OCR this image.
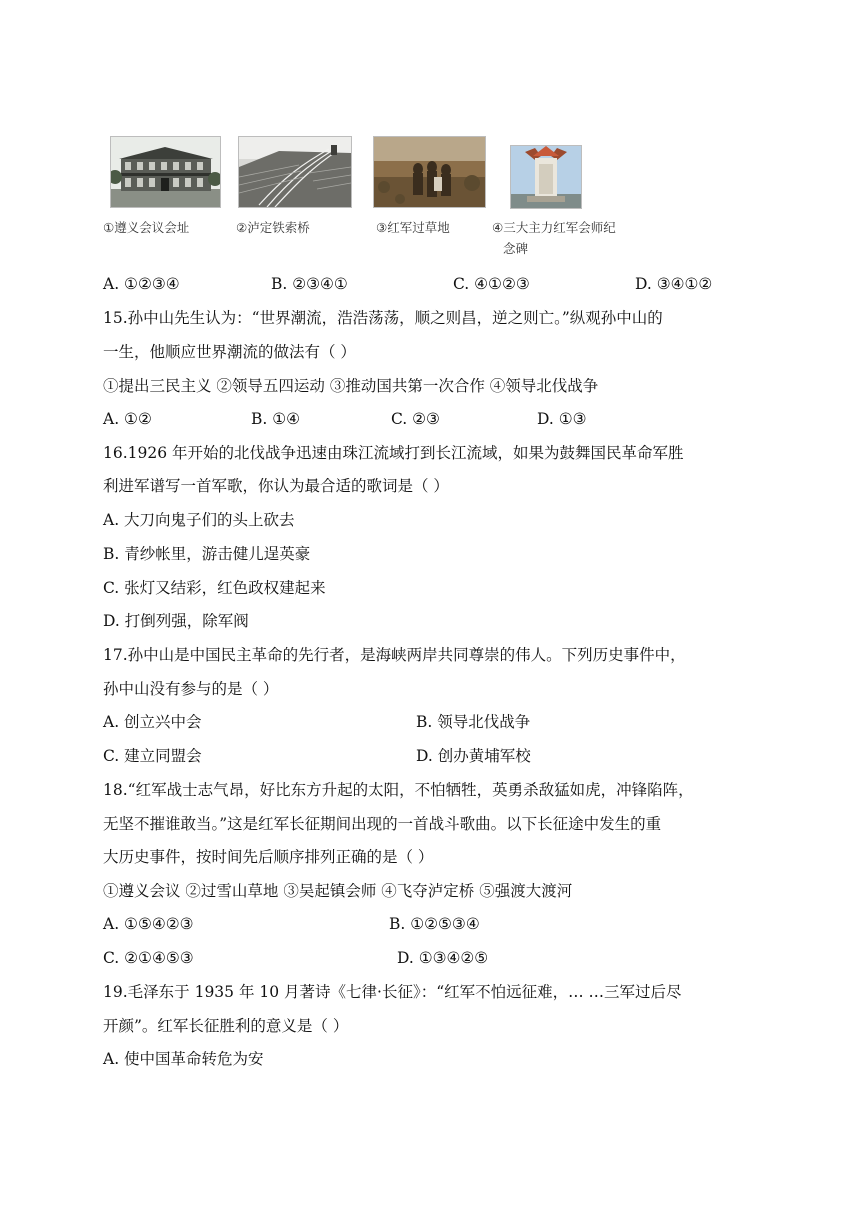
①遵义会议会址	②泸定铁索桥	③红军过草地	④三大主力红军会师纪
念碑
A. ①②③④	B. ②③④①	C. ④①②③	D. ③④①②
15.孙中山先生认为：“世界潮流，浩浩荡荡，顺之则昌，逆之则亡。”纵观孙中山的
一生，他顺应世界潮流的做法有（ ）
①提出三民主义 ②领导五四运动 ③推动国共第一次合作 ④领导北伐战争
A. ①②	B. ①④	C. ②③	D. ①③
16.1926 年开始的北伐战争迅速由珠江流域打到长江流域，如果为鼓舞国民革命军胜
利进军谱写一首军歌，你认为最合适的歌词是（ ）
A. 大刀向鬼子们的头上砍去
B. 青纱帐里，游击健儿逞英豪
C. 张灯又结彩，红色政权建起来
D. 打倒列强，除军阀
17.孙中山是中国民主革命的先行者，是海峡两岸共同尊崇的伟人。下列历史事件中，
孙中山没有参与的是（ ）
A. 创立兴中会	B. 领导北伐战争
C. 建立同盟会	D. 创办黄埔军校
18.“红军战士志气昂，好比东方升起的太阳，不怕牺牲，英勇杀敌猛如虎，冲锋陷阵，
无坚不摧谁敢当。”这是红军长征期间出现的一首战斗歌曲。以下长征途中发生的重
大历史事件，按时间先后顺序排列正确的是（ ）
①遵义会议 ②过雪山草地 ③吴起镇会师 ④飞夺泸定桥 ⑤强渡大渡河
A. ①⑤④②③	B. ①②⑤③④
C. ②①④⑤③	D. ①③④②⑤
19.毛泽东于 1935 年 10 月著诗《七律·长征》：“红军不怕远征难，… …三军过后尽
开颜”。红军长征胜利的意义是（ ）
A. 使中国革命转危为安
